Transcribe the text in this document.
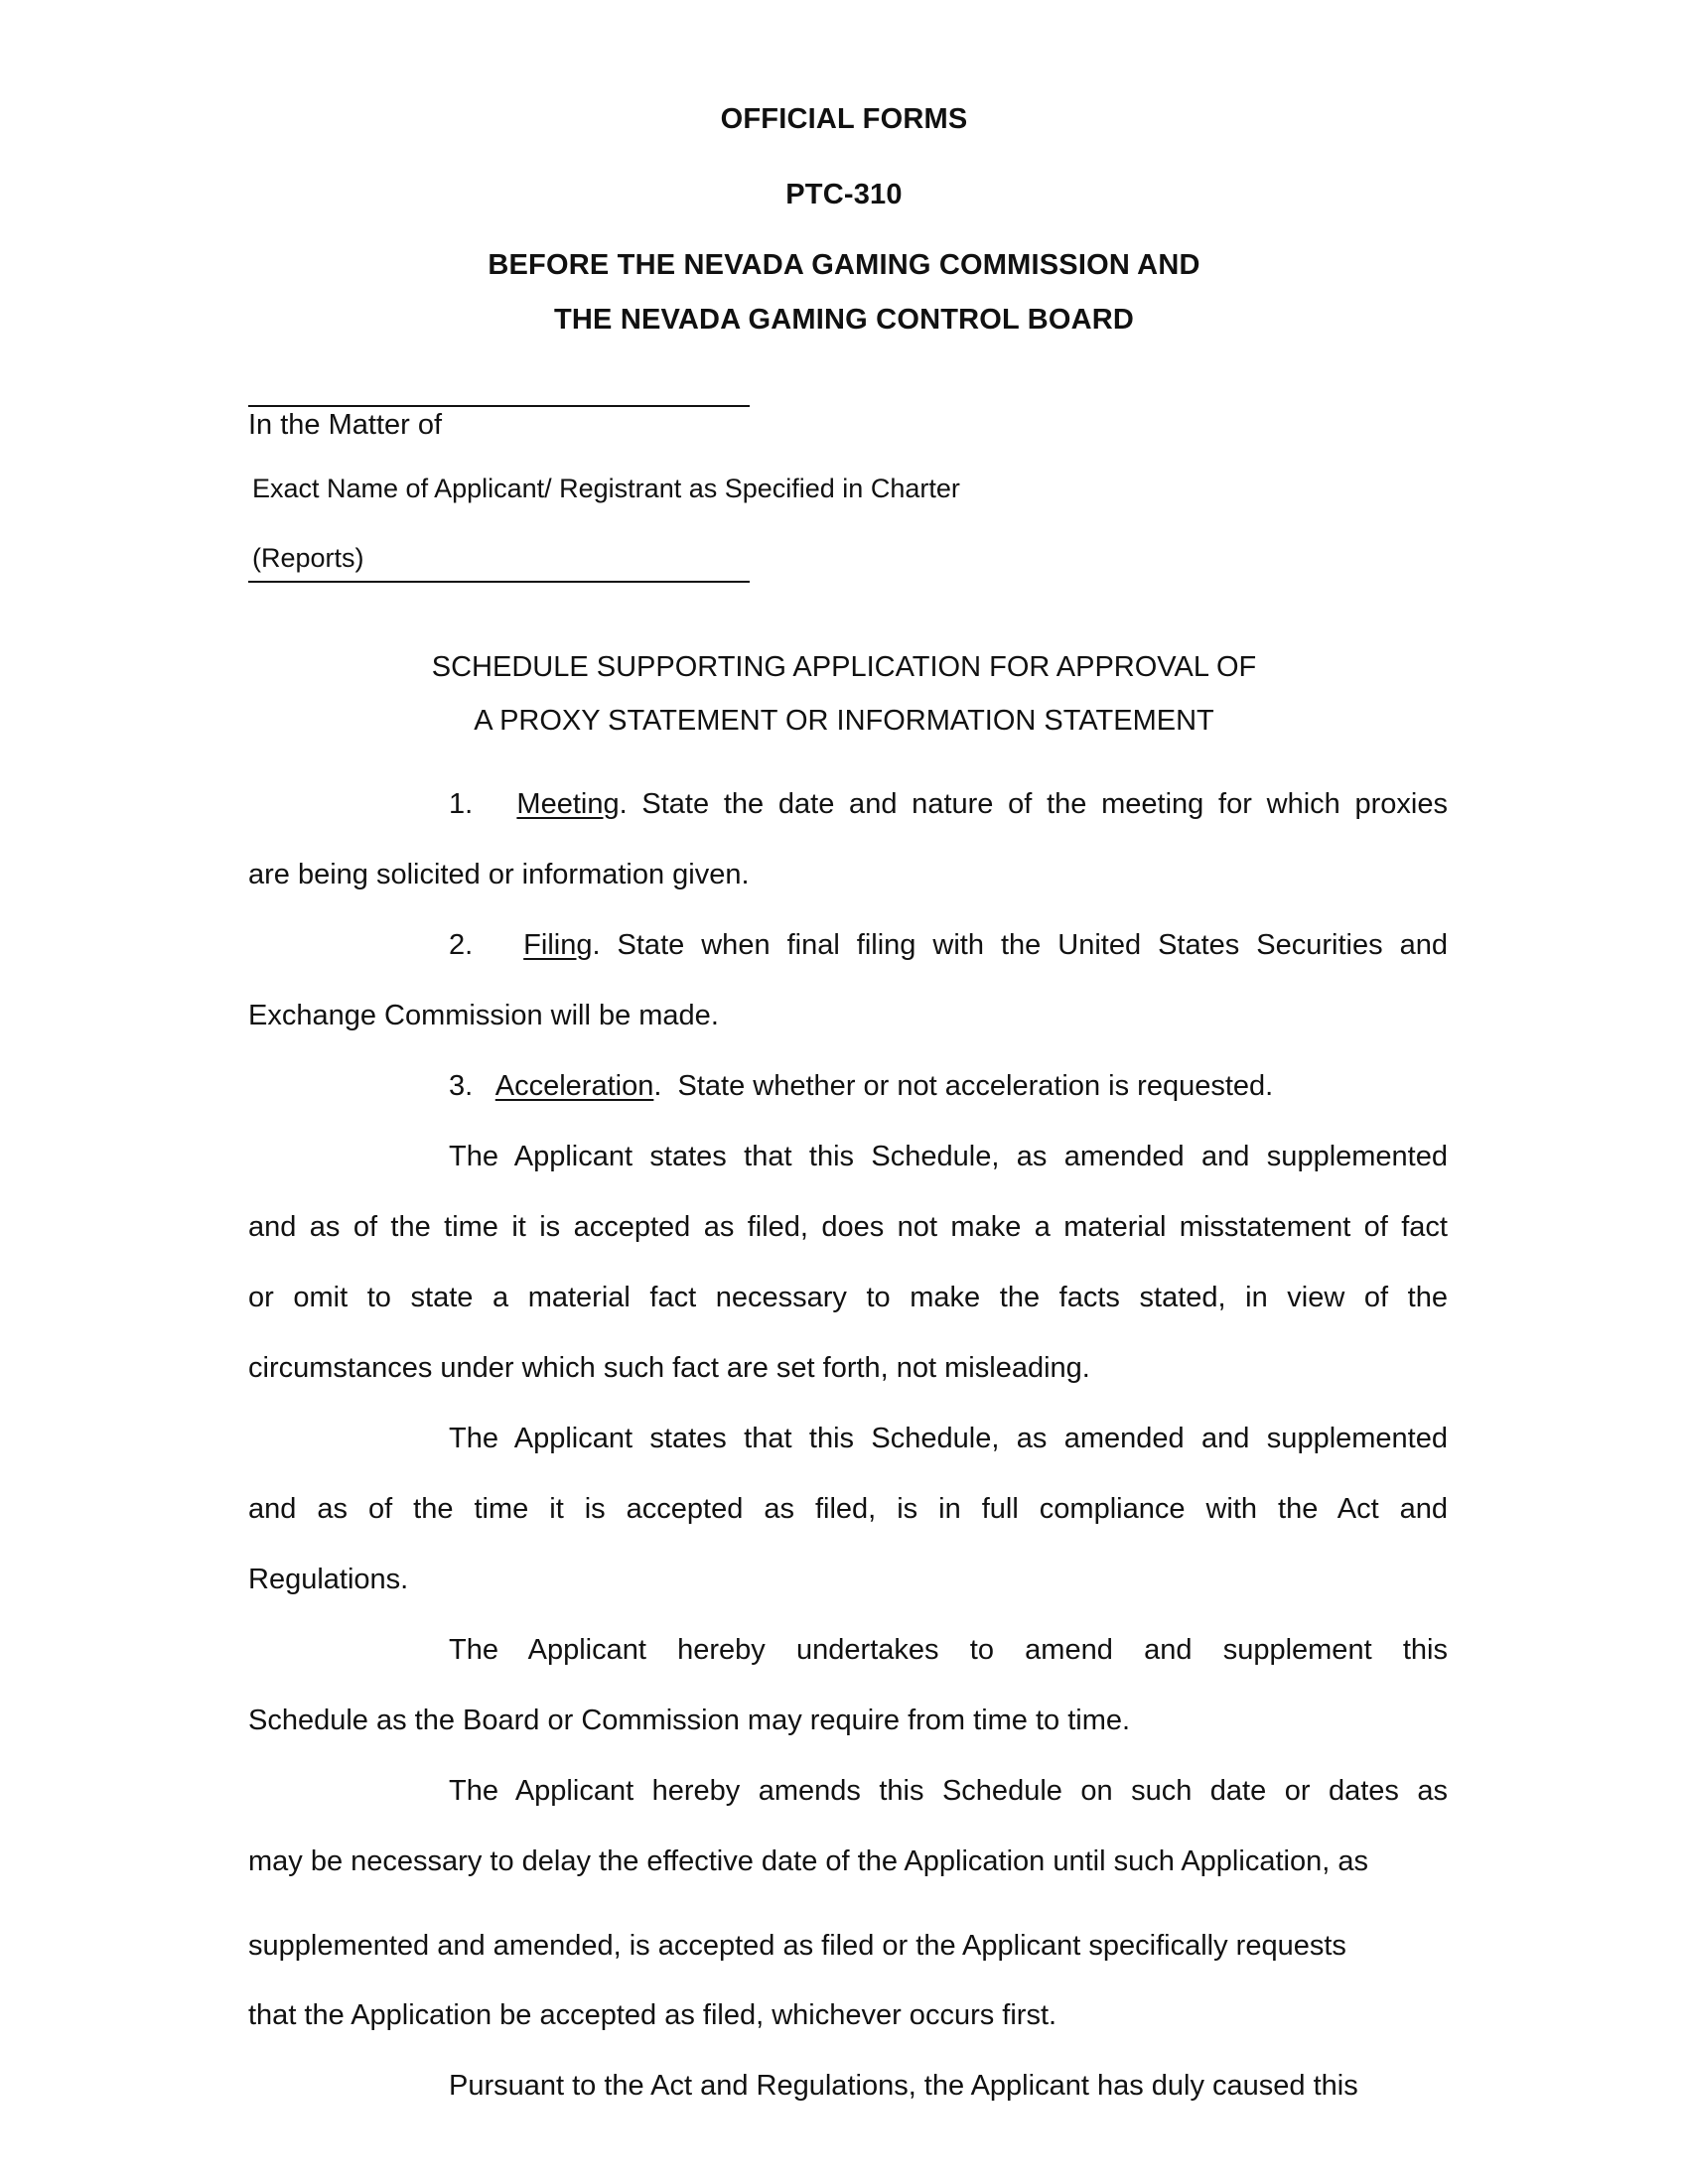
OFFICIAL FORMS

PTC-310

BEFORE THE NEVADA GAMING COMMISSION AND

THE NEVADA GAMING CONTROL BOARD

In the Matter of

Exact Name of Applicant/ Registrant as Specified in Charter

(Reports)

SCHEDULE SUPPORTING APPLICATION FOR APPROVAL OF

A PROXY STATEMENT OR INFORMATION STATEMENT

1. Meeting. State the date and nature of the meeting for which proxies

are being solicited or information given.

2. Filing. State when final filing with the United States Securities and

Exchange Commission will be made.

3. Acceleration.  State whether or not acceleration is requested.

The Applicant states that this Schedule, as amended and supplemented

and as of the time it is accepted as filed, does not make a material misstatement of fact

or omit to state a material fact necessary to make the facts stated, in view of the

circumstances under which such fact are set forth, not misleading.

The Applicant states that this Schedule, as amended and supplemented

and as of the time it is accepted as filed, is in full compliance with the Act and

Regulations.

The Applicant hereby undertakes to amend and supplement this

Schedule as the Board or Commission may require from time to time.

The Applicant hereby amends this Schedule on such date or dates as

may be necessary to delay the effective date of the Application until such Application, as

supplemented and amended, is accepted as filed or the Applicant specifically requests

that the Application be accepted as filed, whichever occurs first.

Pursuant to the Act and Regulations, the Applicant has duly caused this
